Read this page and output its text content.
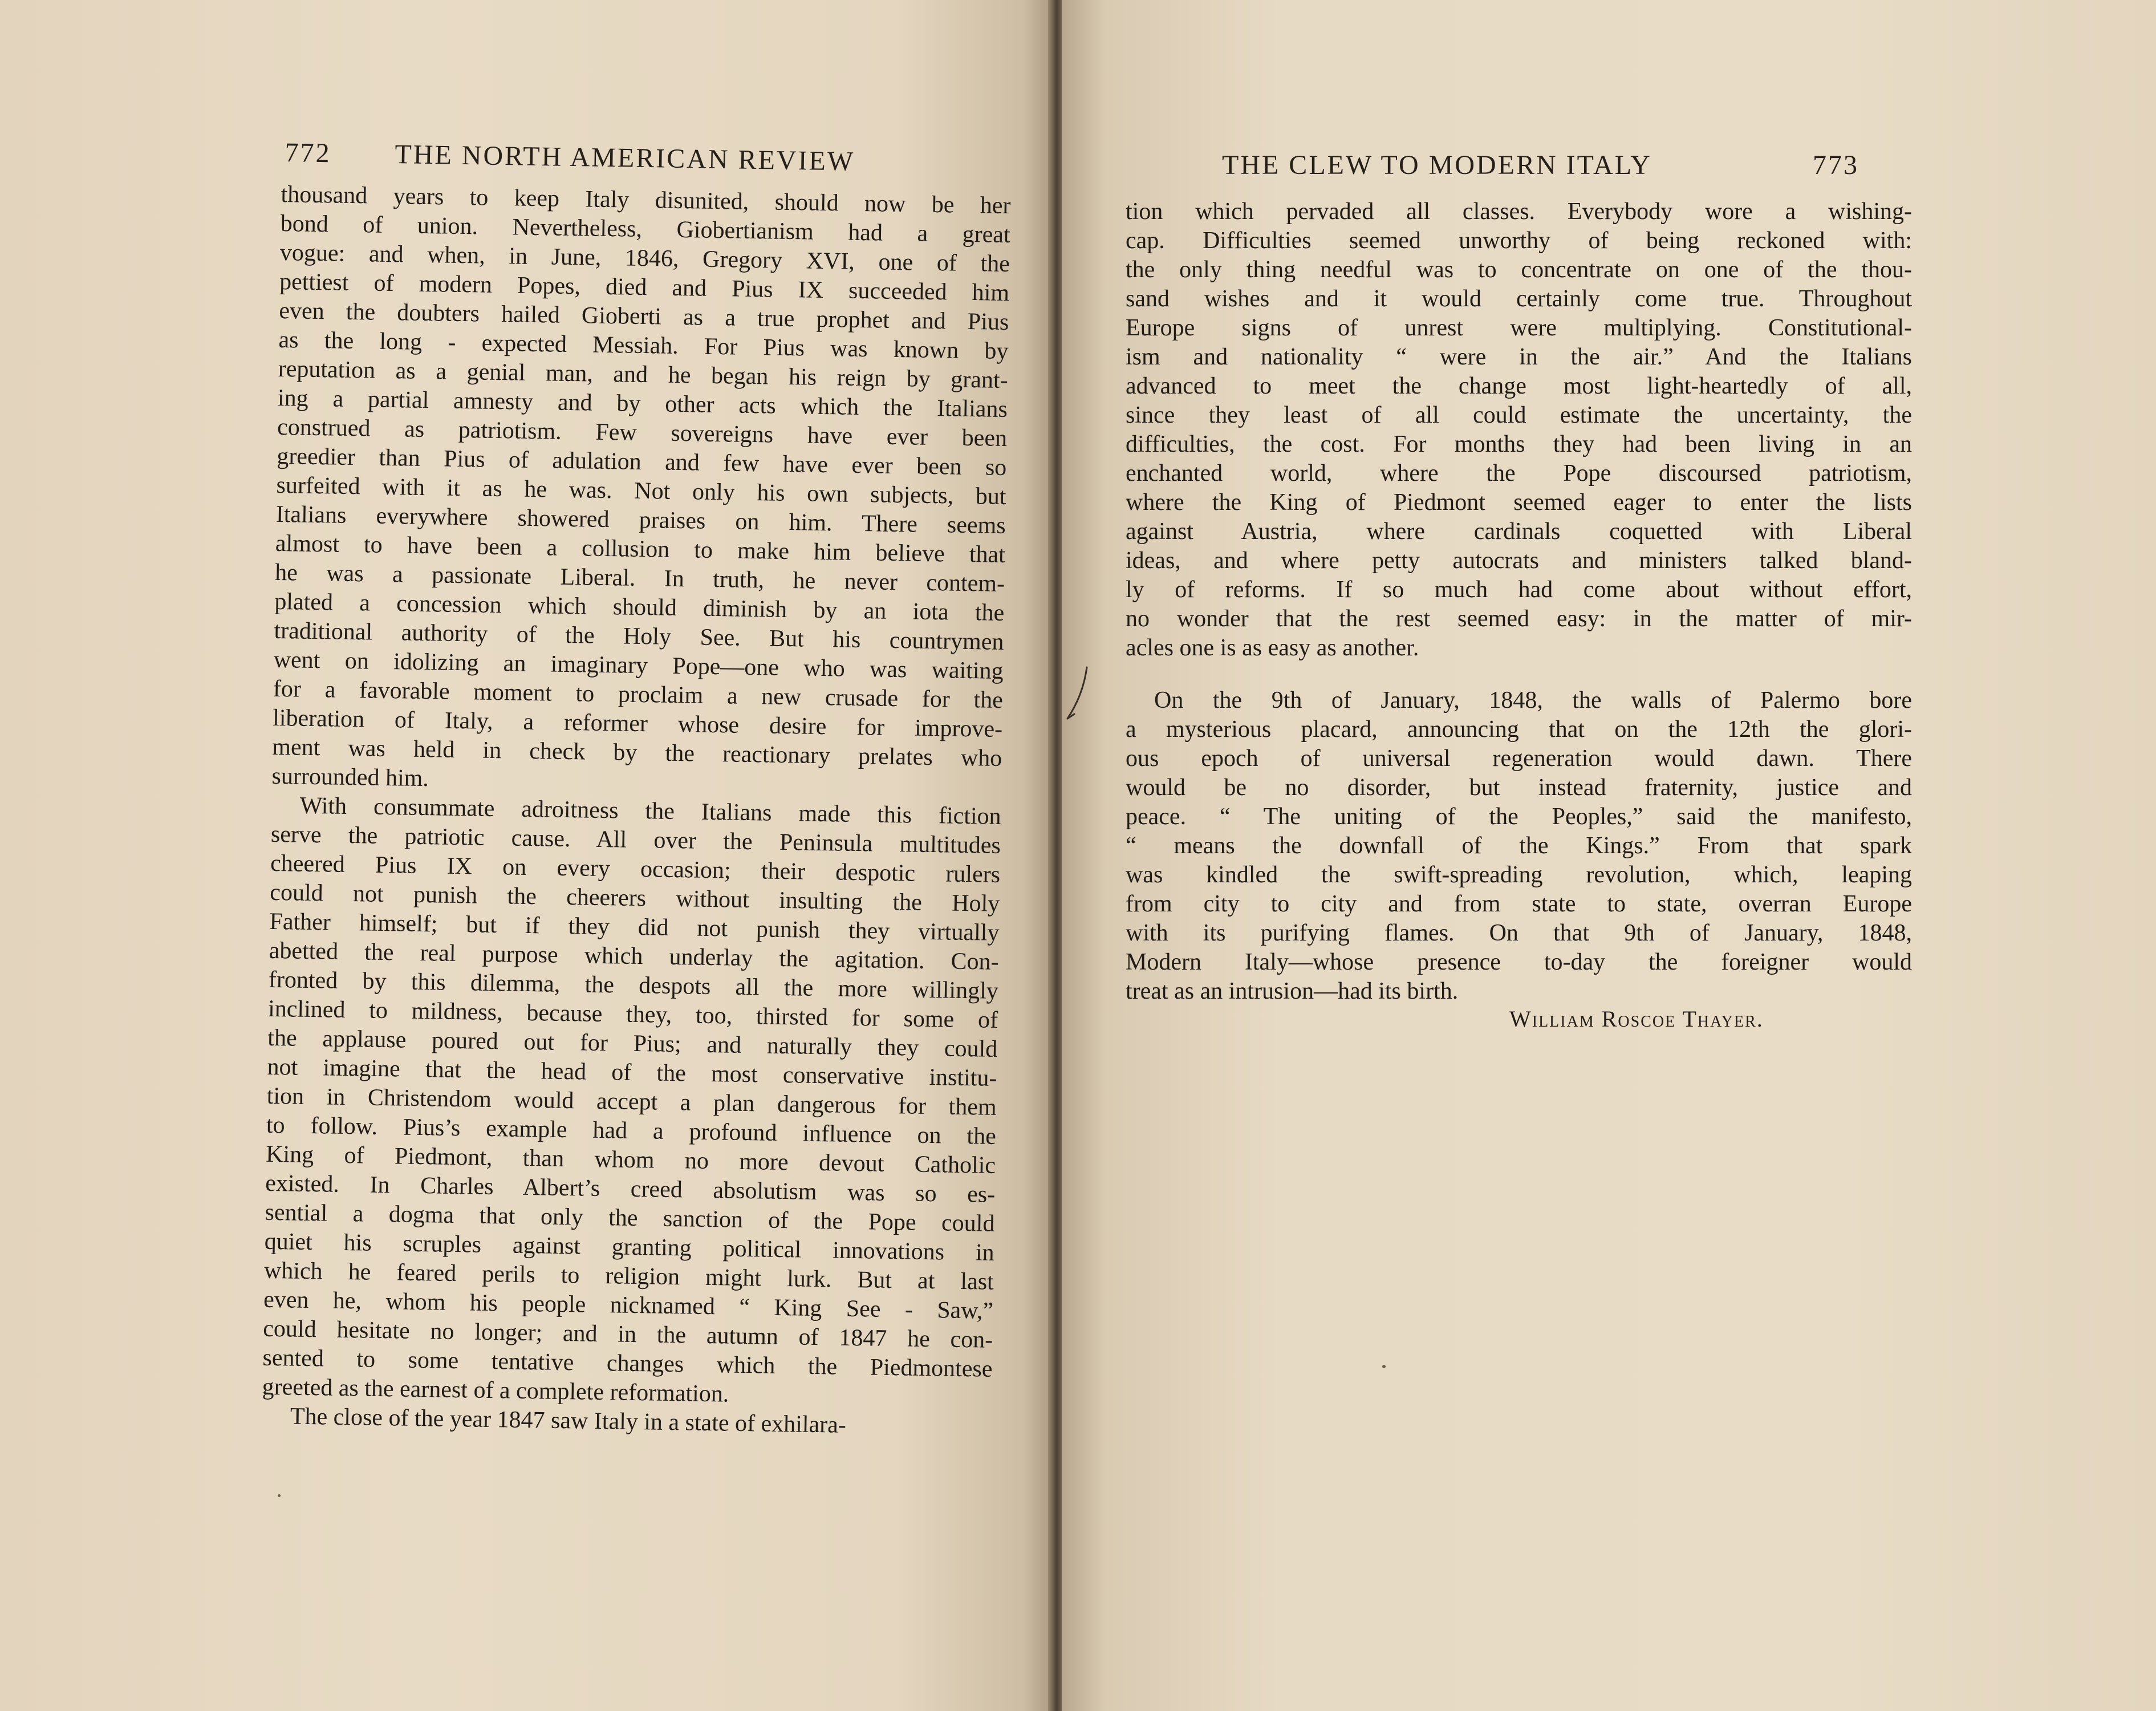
772 THE NORTH AMERICAN REVIEW
thousand years to keep Italy disunited, should now be her
bond of union. Nevertheless, Giobertianism had a great
vogue: and when, in June, 1846, Gregory XVI, one of the
pettiest of modern Popes, died and Pius IX succeeded him
even the doubters hailed Gioberti as a true prophet and Pius
as the long - expected Messiah. For Pius was known by
reputation as a genial man, and he began his reign by grant-
ing a partial amnesty and by other acts which the Italians
construed as patriotism. Few sovereigns have ever been
greedier than Pius of adulation and few have ever been so
surfeited with it as he was. Not only his own subjects, but
Italians everywhere showered praises on him. There seems
almost to have been a collusion to make him believe that
he was a passionate Liberal. In truth, he never contem-
plated a concession which should diminish by an iota the
traditional authority of the Holy See. But his countrymen
went on idolizing an imaginary Pope—one who was waiting
for a favorable moment to proclaim a new crusade for the
liberation of Italy, a reformer whose desire for improve-
ment was held in check by the reactionary prelates who
surrounded him.
With consummate adroitness the Italians made this fiction
serve the patriotic cause. All over the Peninsula multitudes
cheered Pius IX on every occasion; their despotic rulers
could not punish the cheerers without insulting the Holy
Father himself; but if they did not punish they virtually
abetted the real purpose which underlay the agitation. Con-
fronted by this dilemma, the despots all the more willingly
inclined to mildness, because they, too, thirsted for some of
the applause poured out for Pius; and naturally they could
not imagine that the head of the most conservative institu-
tion in Christendom would accept a plan dangerous for them
to follow. Pius’s example had a profound influence on the
King of Piedmont, than whom no more devout Catholic
existed. In Charles Albert’s creed absolutism was so es-
sential a dogma that only the sanction of the Pope could
quiet his scruples against granting political innovations in
which he feared perils to religion might lurk. But at last
even he, whom his people nicknamed “ King See - Saw,”
could hesitate no longer; and in the autumn of 1847 he con-
sented to some tentative changes which the Piedmontese
greeted as the earnest of a complete reformation.
The close of the year 1847 saw Italy in a state of exhilara-
THE CLEW TO MODERN ITALY	773
tion which pervaded all classes. Everybody wore a wishing-
cap. Difficulties seemed unworthy of being reckoned with:
the only thing needful was to concentrate on one of the thou-
sand wishes and it would certainly come true. Throughout
Europe signs of unrest were multiplying. Constitutional-
ism and nationality “ were in the air.” And the Italians
advanced to meet the change most light-heartedly of all,
since they least of all could estimate the uncertainty, the
difficulties, the cost. For months they had been living in an
enchanted world, where the Pope discoursed patriotism,
where the King of Piedmont seemed eager to enter the lists
against Austria, where cardinals coquetted with Liberal
ideas, and where petty autocrats and ministers talked bland-
ly of reforms. If so much had come about without effort,
no wonder that the rest seemed easy: in the matter of mir-
acles one is as easy as another.
On the 9th of January, 1848, the walls of Palermo bore
a mysterious placard, announcing that on the 12th the glori-
ous epoch of universal regeneration would dawn. There
would be no disorder, but instead fraternity, justice and
peace. “ The uniting of the Peoples,” said the manifesto,
“ means the downfall of the Kings.” From that spark
was kindled the swift-spreading revolution, which, leaping
from city to city and from state to state, overran Europe
with its purifying flames. On that 9th of January, 1848,
Modern Italy—whose presence to-day the foreigner would
treat as an intrusion—had its birth.
William Roscoe Thayer.
